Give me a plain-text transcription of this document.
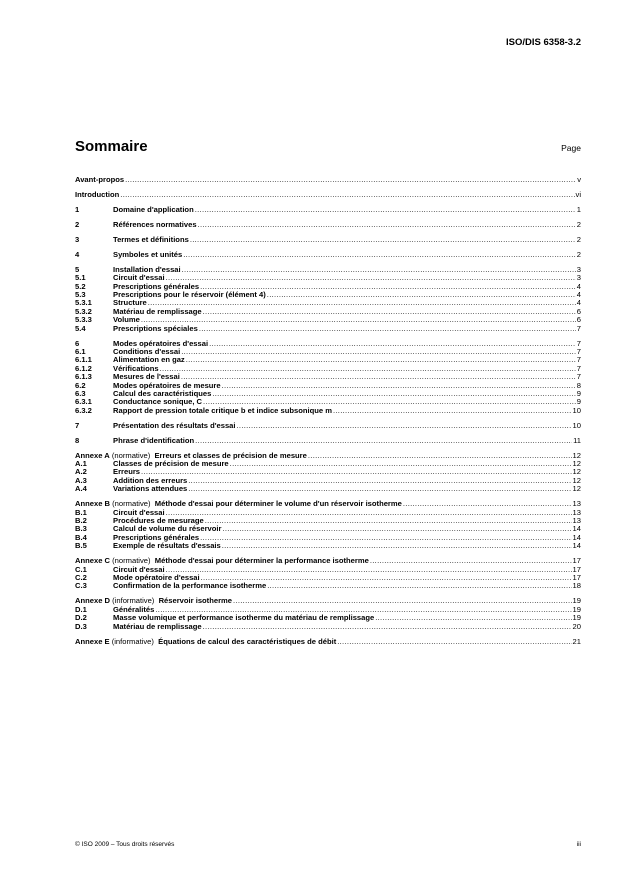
ISO/DIS 6358-3.2
Sommaire	Page
Avant-propos .....	v
Introduction .....	vi
1	Domaine d'application .....	1
2	Références normatives .....	2
3	Termes et définitions .....	2
4	Symboles et unités .....	2
5	Installation d'essai .....	3
5.1	Circuit d'essai .....	3
5.2	Prescriptions générales .....	4
5.3	Prescriptions pour le réservoir (élément 4) .....	4
5.3.1	Structure .....	4
5.3.2	Matériau de remplissage .....	6
5.3.3	Volume .....	6
5.4	Prescriptions spéciales .....	7
6	Modes opératoires d'essai .....	7
6.1	Conditions d'essai .....	7
6.1.1	Alimentation en gaz .....	7
6.1.2	Vérifications .....	7
6.1.3	Mesures de l'essai .....	7
6.2	Modes opératoires de mesure .....	8
6.3	Calcul des caractéristiques .....	9
6.3.1	Conductance sonique, C .....	9
6.3.2	Rapport de pression totale critique b et indice subsonique m .....	10
7	Présentation des résultats d'essai .....	10
8	Phrase d'identification .....	11
Annexe A (normative)  Erreurs et classes de précision de mesure .....	12
A.1	Classes de précision de mesure .....	12
A.2	Erreurs .....	12
A.3	Addition des erreurs .....	12
A.4	Variations attendues .....	12
Annexe B (normative)  Méthode d'essai pour déterminer le volume d'un réservoir isotherme .....	13
B.1	Circuit d'essai .....	13
B.2	Procédures de mesurage .....	13
B.3	Calcul de volume du réservoir .....	14
B.4	Prescriptions générales .....	14
B.5	Exemple de résultats d'essais .....	14
Annexe C (normative)  Méthode d'essai pour déterminer la performance isotherme .....	17
C.1	Circuit d'essai .....	17
C.2	Mode opératoire d'essai .....	17
C.3	Confirmation de la performance isotherme .....	18
Annexe D (informative)  Réservoir isotherme .....	19
D.1	Généralités .....	19
D.2	Masse volumique et performance isotherme du matériau de remplissage .....	19
D.3	Matériau de remplissage .....	20
Annexe E (informative)  Équations de calcul des caractéristiques de débit .....	21
© ISO 2009 – Tous droits réservés	iii
